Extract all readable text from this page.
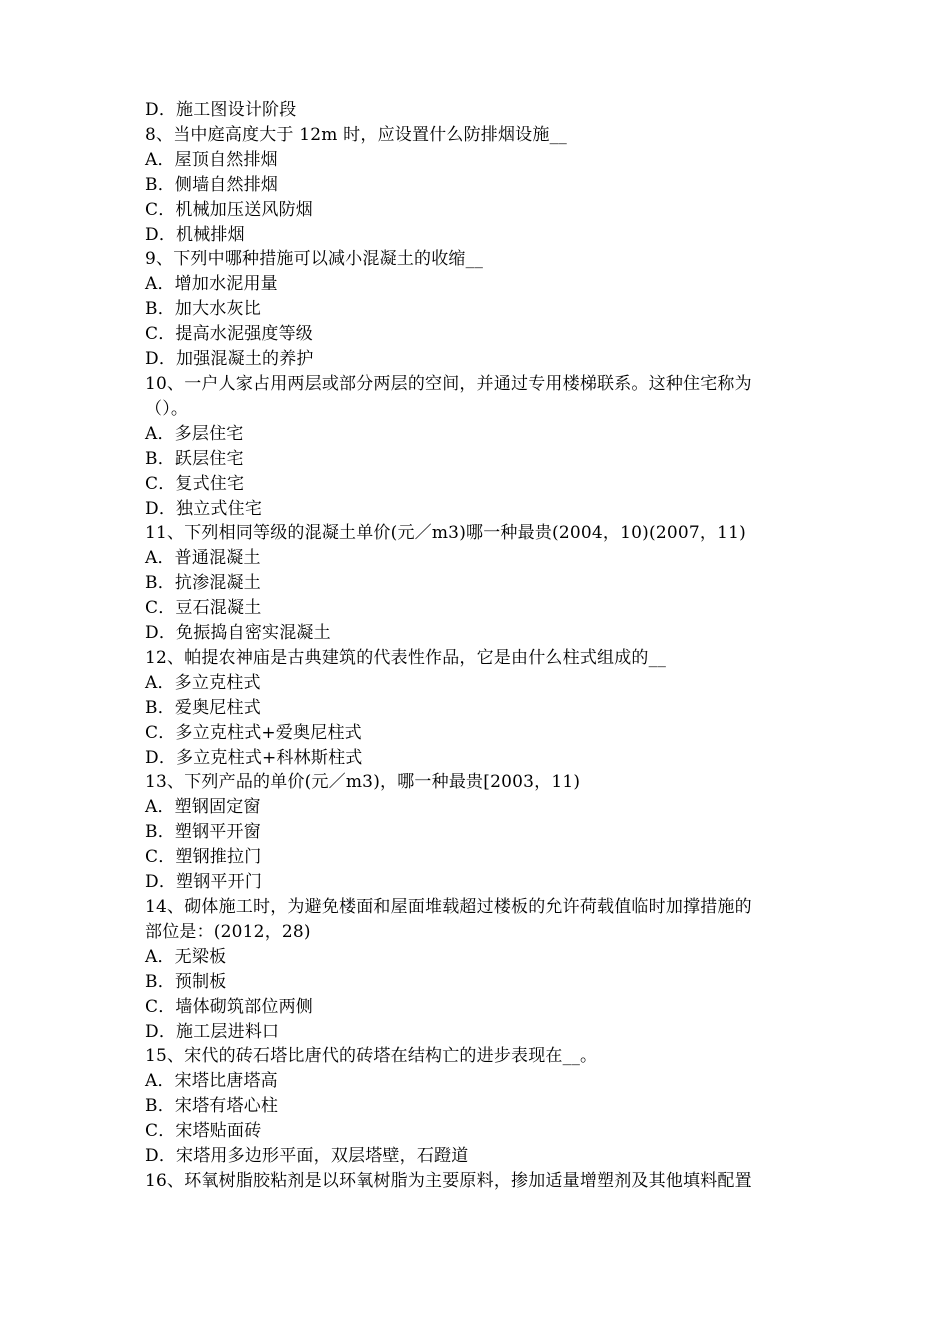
D．施工图设计阶段
8、当中庭高度大于 12m 时，应设置什么防排烟设施__
A．屋顶自然排烟
B．侧墙自然排烟
C．机械加压送风防烟
D．机械排烟
9、下列中哪种措施可以减小混凝土的收缩__
A．增加水泥用量
B．加大水灰比
C．提高水泥强度等级
D．加强混凝土的养护
10、一户人家占用两层或部分两层的空间，并通过专用楼梯联系。这种住宅称为
（）。
A．多层住宅
B．跃层住宅
C．复式住宅
D．独立式住宅
11、下列相同等级的混凝土单价(元／m3)哪一种最贵(2004，10)(2007，11)
A．普通混凝土
B．抗渗混凝土
C．豆石混凝土
D．免振捣自密实混凝土
12、帕提农神庙是古典建筑的代表性作品，它是由什么柱式组成的__
A．多立克柱式
B．爱奥尼柱式
C．多立克柱式+爱奥尼柱式
D．多立克柱式+科林斯柱式
13、下列产品的单价(元／m3)，哪一种最贵[2003，11)
A．塑钢固定窗
B．塑钢平开窗
C．塑钢推拉门
D．塑钢平开门
14、砌体施工时，为避免楼面和屋面堆载超过楼板的允许荷载值临时加撑措施的
部位是：(2012，28)
A．无梁板
B．预制板
C．墙体砌筑部位两侧
D．施工层进料口
15、宋代的砖石塔比唐代的砖塔在结构亡的进步表现在__。
A．宋塔比唐塔高
B．宋塔有塔心柱
C．宋塔贴面砖
D．宋塔用多边形平面，双层塔壁，石蹬道
16、环氧树脂胶粘剂是以环氧树脂为主要原料，掺加适量增塑剂及其他填料配置
